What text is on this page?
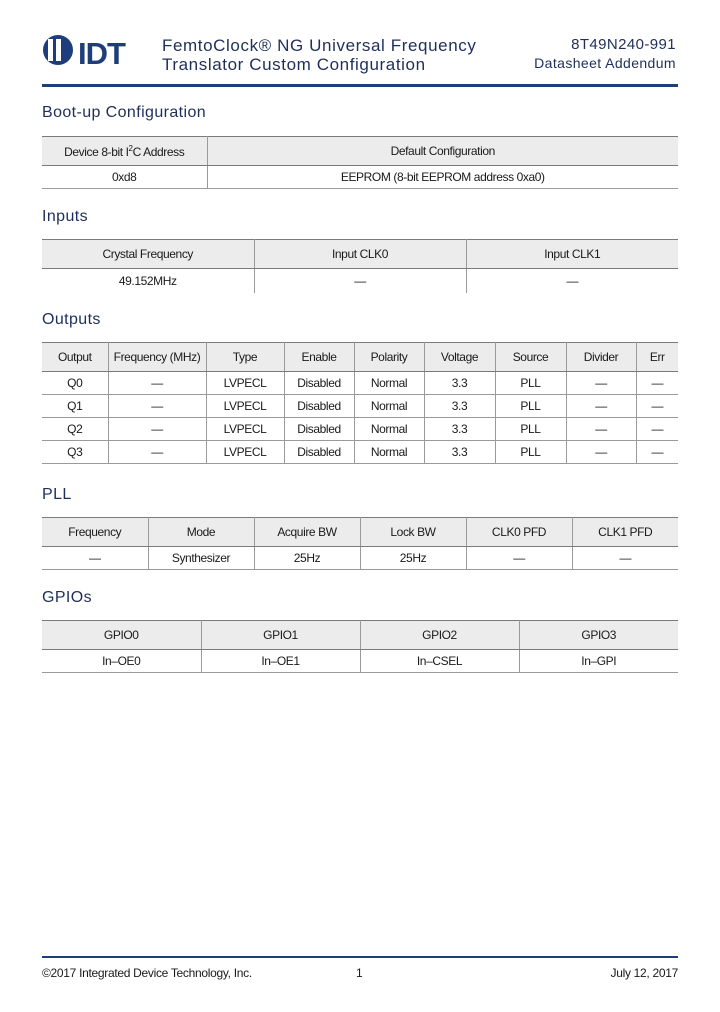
IDT FemtoClock® NG Universal Frequency
Translator Custom Configuration
8T49N240-991
Datasheet Addendum
Boot-up Configuration
Device 8-bit $I^2C$ Address	Default Configuration
0xd8	EEPROM (8-bit EEPROM address 0xa0)
Inputs
Crystal Frequency	Input CLK0	Input CLK1
49.152MHz	—	—
Outputs
Output	Frequency (MHz)	Type	Enable	Polarity	Voltage	Source	Divider	Err
Q0	—	LVPECL	Disabled	Normal	3.3	PLL	—	—
Q1	—	LVPECL	Disabled	Normal	3.3	PLL	—	—
Q2	—	LVPECL	Disabled	Normal	3.3	PLL	—	—
Q3	—	LVPECL	Disabled	Normal	3.3	PLL	—	—
PLL
Frequency	Mode	Acquire BW	Lock BW	CLK0 PFD	CLK1 PFD
—	Synthesizer	25Hz	25Hz	—	—
GPIOs
GPIO0	GPIO1	GPIO2	GPIO3
In–OE0	In–OE1	In–CSEL	In–GPI
©2017 Integrated Device Technology, Inc.	1	July 12, 2017
